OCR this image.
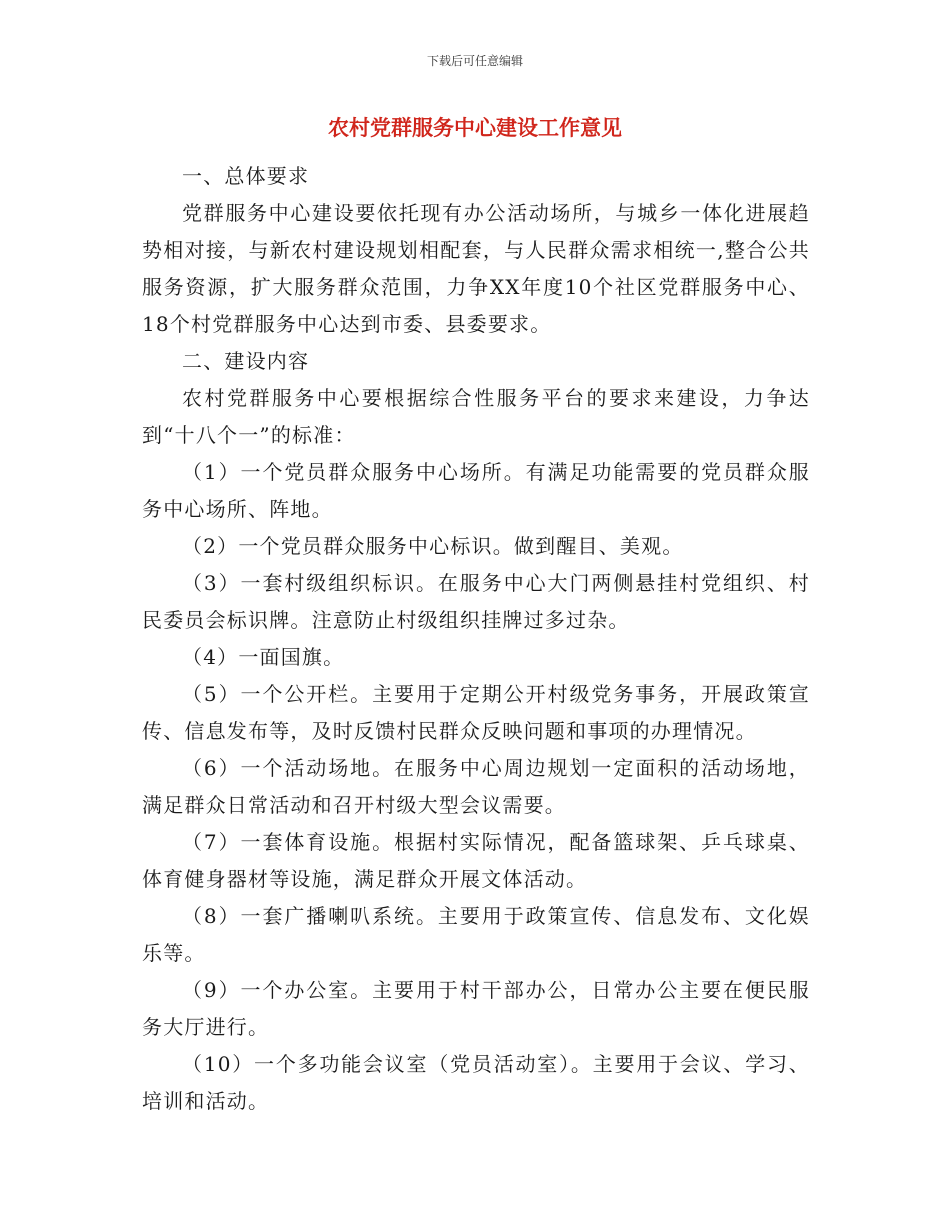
下载后可任意编辑
农村党群服务中心建设工作意见

一、总体要求

党群服务中心建设要依托现有办公活动场所，与城乡一体化进展趋势相对接，与新农村建设规划相配套，与人民群众需求相统一,整合公共服务资源，扩大服务群众范围，力争XX年度10个社区党群服务中心、18个村党群服务中心达到市委、县委要求。

二、建设内容

农村党群服务中心要根据综合性服务平台的要求来建设，力争达到“十八个一”的标准：

（1）一个党员群众服务中心场所。有满足功能需要的党员群众服务中心场所、阵地。

（2）一个党员群众服务中心标识。做到醒目、美观。

（3）一套村级组织标识。在服务中心大门两侧悬挂村党组织、村民委员会标识牌。注意防止村级组织挂牌过多过杂。

（4）一面国旗。

（5）一个公开栏。主要用于定期公开村级党务事务，开展政策宣传、信息发布等，及时反馈村民群众反映问题和事项的办理情况。

（6）一个活动场地。在服务中心周边规划一定面积的活动场地，满足群众日常活动和召开村级大型会议需要。

（7）一套体育设施。根据村实际情况，配备篮球架、乒乓球桌、体育健身器材等设施，满足群众开展文体活动。

（8）一套广播喇叭系统。主要用于政策宣传、信息发布、文化娱乐等。

（9）一个办公室。主要用于村干部办公，日常办公主要在便民服务大厅进行。

（10）一个多功能会议室（党员活动室）。主要用于会议、学习、培训和活动。
